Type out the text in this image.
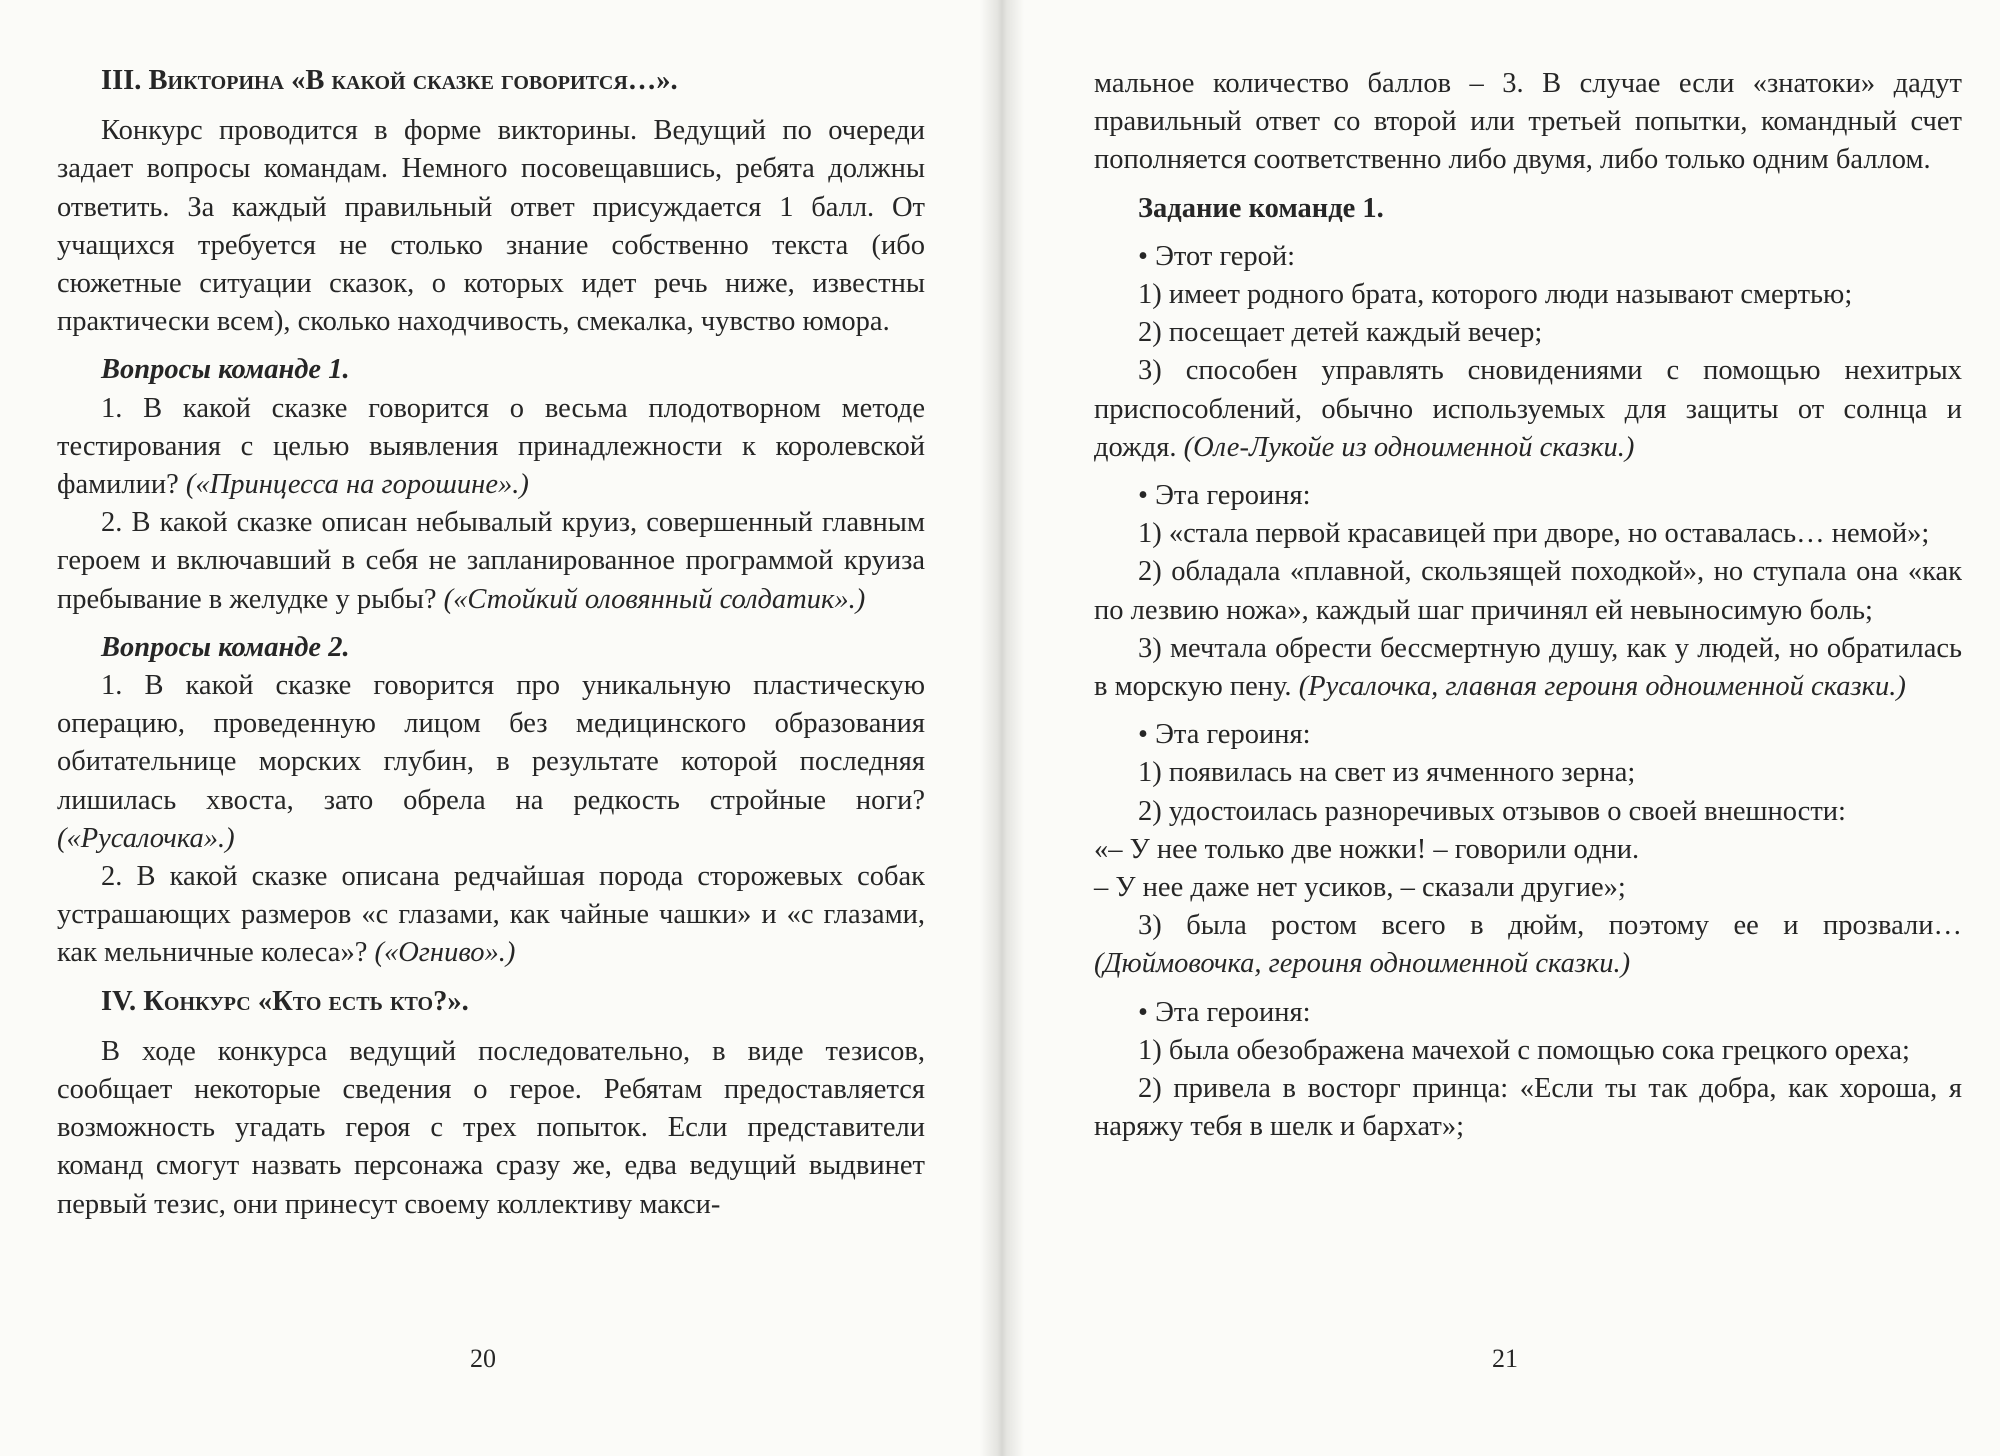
III. Викторина «В какой сказке говорится…».

Конкурс проводится в форме викторины. Ведущий по очереди задает вопросы командам. Немного посовещавшись, ребята должны ответить. За каждый правильный ответ присуждается 1 балл. От учащихся требуется не столько знание собственно текста (ибо сюжетные ситуации сказок, о которых идет речь ниже, известны практически всем), сколько находчивость, смекалка, чувство юмора.

Вопросы команде 1.

1. В какой сказке говорится о весьма плодотворном методе тестирования с целью выявления принадлежности к королевской фамилии? («Принцесса на горошине».)

2. В какой сказке описан небывалый круиз, совершенный главным героем и включавший в себя не запланированное программой круиза пребывание в желудке у рыбы? («Стойкий оловянный солдатик».)

Вопросы команде 2.

1. В какой сказке говорится про уникальную пластическую операцию, проведенную лицом без медицинского образования обитательнице морских глубин, в результате которой последняя лишилась хвоста, зато обрела на редкость стройные ноги? («Русалочка».)

2. В какой сказке описана редчайшая порода сторожевых собак устрашающих размеров «с глазами, как чайные чашки» и «с глазами, как мельничные колеса»? («Огниво».)

IV. Конкурс «Кто есть кто?».

В ходе конкурса ведущий последовательно, в виде тезисов, сообщает некоторые сведения о герое. Ребятам предоставляется возможность угадать героя с трех попыток. Если представители команд смогут назвать персонажа сразу же, едва ведущий выдвинет первый тезис, они принесут своему коллективу макси-

20

мальное количество баллов – 3. В случае если «знатоки» дадут правильный ответ со второй или третьей попытки, командный счет пополняется соответственно либо двумя, либо только одним баллом.

Задание команде 1.

• Этот герой:

1) имеет родного брата, которого люди называют смертью;

2) посещает детей каждый вечер;

3) способен управлять сновидениями с помощью нехитрых приспособлений, обычно используемых для защиты от солнца и дождя. (Оле-Лукойе из одноименной сказки.)

• Эта героиня:

1) «стала первой красавицей при дворе, но оставалась… немой»;

2) обладала «плавной, скользящей походкой», но ступала она «как по лезвию ножа», каждый шаг причинял ей невыносимую боль;

3) мечтала обрести бессмертную душу, как у людей, но обратилась в морскую пену. (Русалочка, главная героиня одноименной сказки.)

• Эта героиня:

1) появилась на свет из ячменного зерна;

2) удостоилась разноречивых отзывов о своей внешности:

«– У нее только две ножки! – говорили одни.

– У нее даже нет усиков, – сказали другие»;

3) была ростом всего в дюйм, поэтому ее и прозвали… (Дюймовочка, героиня одноименной сказки.)

• Эта героиня:

1) была обезображена мачехой с помощью сока грецкого ореха;

2) привела в восторг принца: «Если ты так добра, как хороша, я наряжу тебя в шелк и бархат»;

21
